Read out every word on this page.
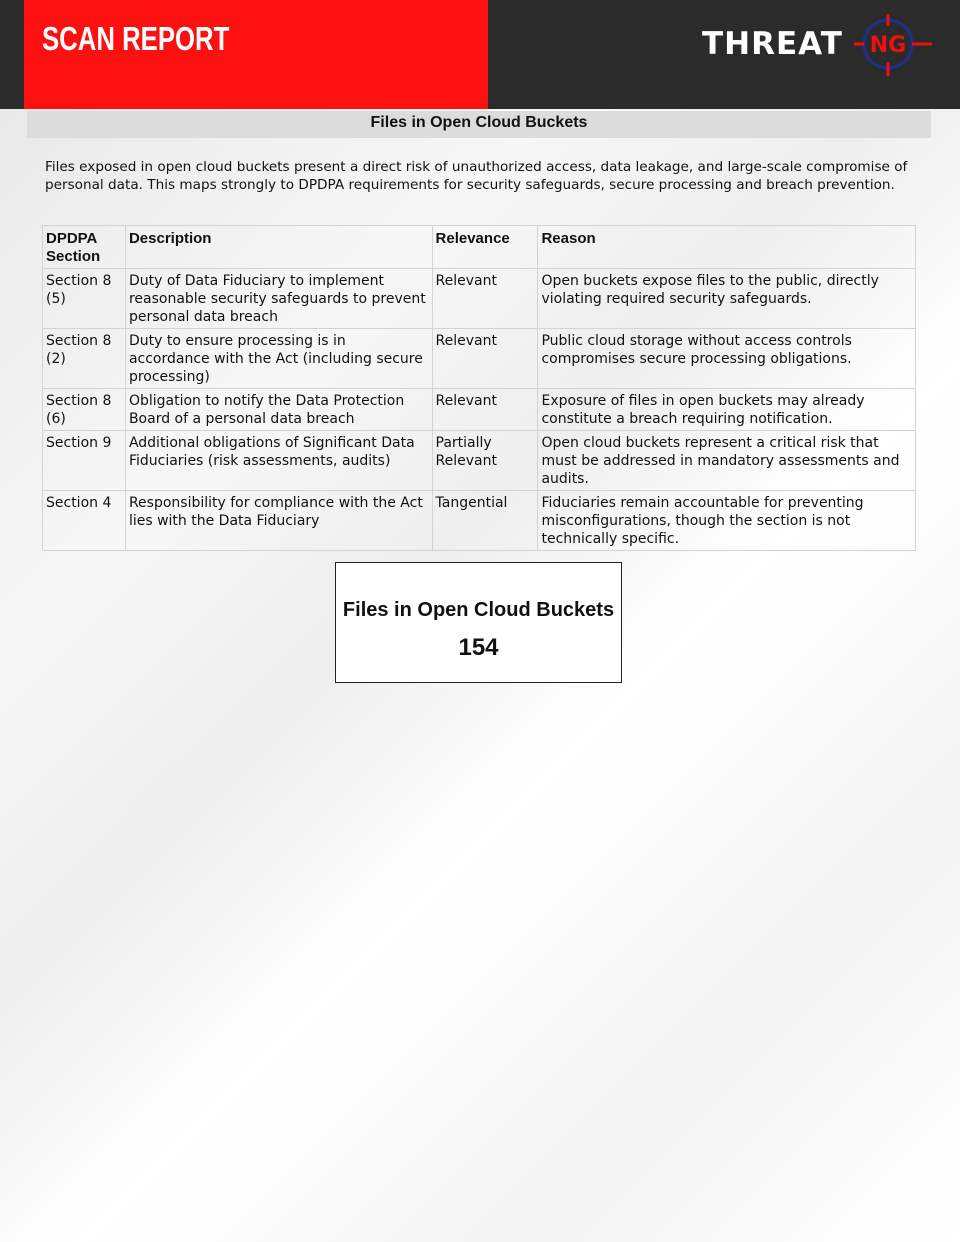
SCAN REPORT	THREAT NG
Files in Open Cloud Buckets

Files exposed in open cloud buckets present a direct risk of unauthorized access, data leakage, and large-scale compromise of personal data. This maps strongly to DPDPA requirements for security safeguards, secure processing and breach prevention.

DPDPA Section	Description	Relevance	Reason
Section 8 (5)	Duty of Data Fiduciary to implement reasonable security safeguards to prevent personal data breach	Relevant	Open buckets expose files to the public, directly violating required security safeguards.
Section 8 (2)	Duty to ensure processing is in accordance with the Act (including secure processing)	Relevant	Public cloud storage without access controls compromises secure processing obligations.
Section 8 (6)	Obligation to notify the Data Protection Board of a personal data breach	Relevant	Exposure of files in open buckets may already constitute a breach requiring notification.
Section 9	Additional obligations of Significant Data Fiduciaries (risk assessments, audits)	Partially Relevant	Open cloud buckets represent a critical risk that must be addressed in mandatory assessments and audits.
Section 4	Responsibility for compliance with the Act lies with the Data Fiduciary	Tangential	Fiduciaries remain accountable for preventing misconfigurations, though the section is not technically specific.
Files in Open Cloud Buckets
154
